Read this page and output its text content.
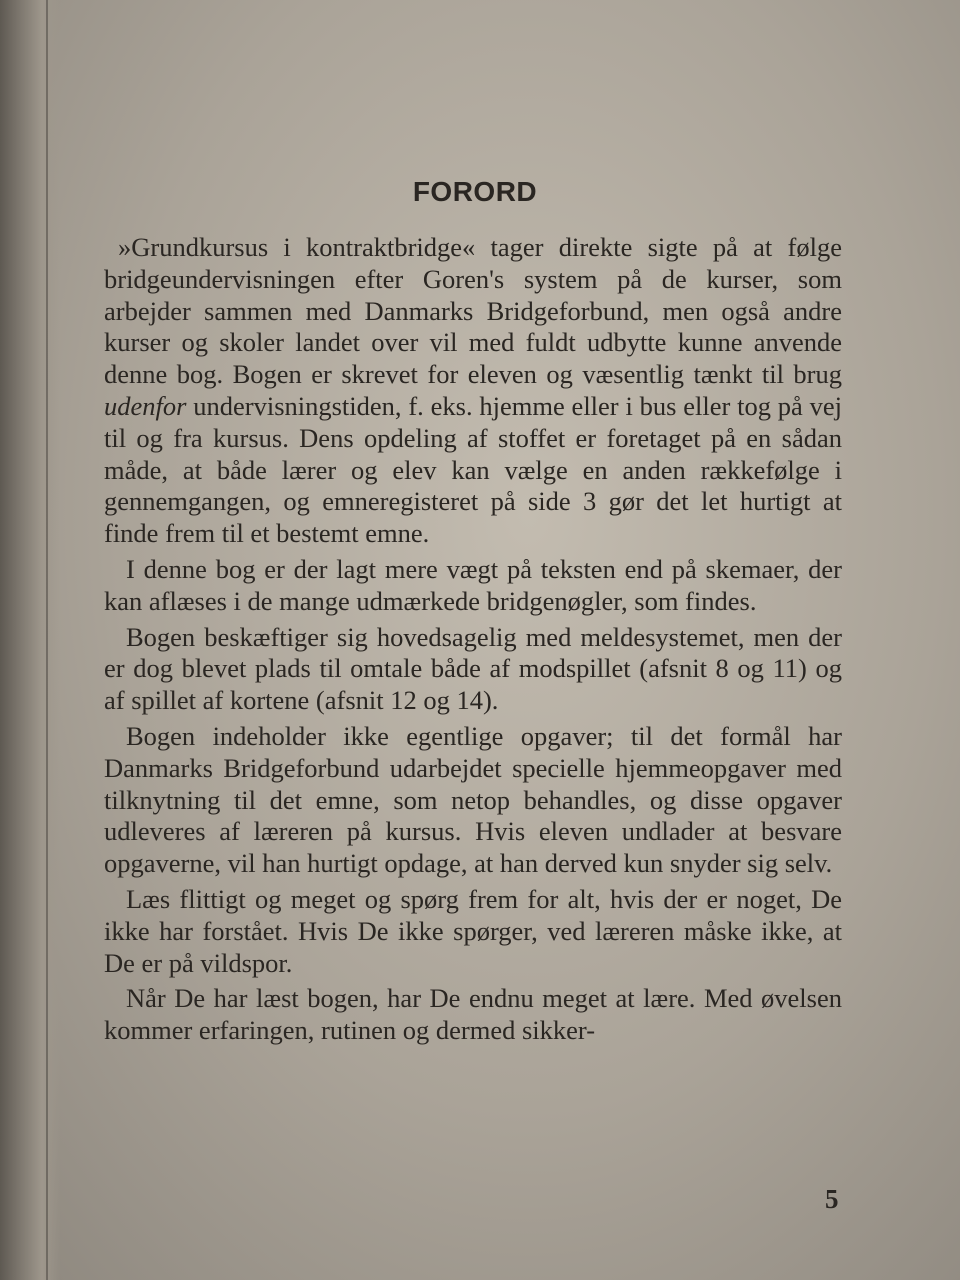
FORORD

»Grundkursus i kontraktbridge« tager direkte sigte på at følge bridgeundervisningen efter Goren's system på de kurser, som arbejder sammen med Danmarks Bridgeforbund, men også andre kurser og skoler landet over vil med fuldt udbytte kunne anvende denne bog. Bogen er skrevet for eleven og væsentlig tænkt til brug udenfor undervisningstiden, f. eks. hjemme eller i bus eller tog på vej til og fra kursus. Dens opdeling af stoffet er foretaget på en sådan måde, at både lærer og elev kan vælge en anden rækkefølge i gennemgangen, og emneregisteret på side 3 gør det let hurtigt at finde frem til et bestemt emne.

I denne bog er der lagt mere vægt på teksten end på skemaer, der kan aflæses i de mange udmærkede bridgenøgler, som findes.

Bogen beskæftiger sig hovedsagelig med meldesystemet, men der er dog blevet plads til omtale både af modspillet (afsnit 8 og 11) og af spillet af kortene (afsnit 12 og 14).

Bogen indeholder ikke egentlige opgaver; til det formål har Danmarks Bridgeforbund udarbejdet specielle hjemmeopgaver med tilknytning til det emne, som netop behandles, og disse opgaver udleveres af læreren på kursus. Hvis eleven undlader at besvare opgaverne, vil han hurtigt opdage, at han derved kun snyder sig selv.

Læs flittigt og meget og spørg frem for alt, hvis der er noget, De ikke har forstået. Hvis De ikke spørger, ved læreren måske ikke, at De er på vildspor.

Når De har læst bogen, har De endnu meget at lære. Med øvelsen kommer erfaringen, rutinen og dermed sikker-

5
